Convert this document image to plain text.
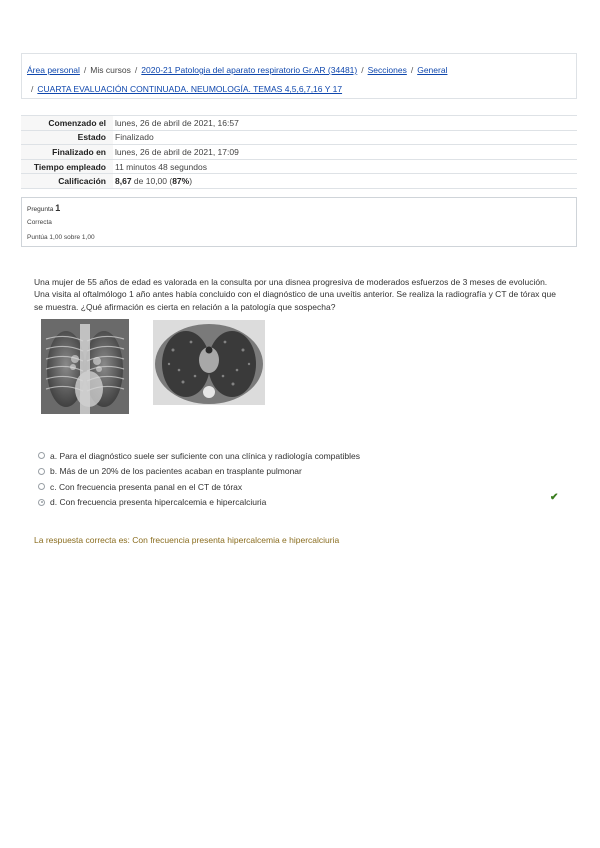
Área personal / Mis cursos / 2020-21 Patologia del aparato respiratorio Gr.AR (34481) / Secciones / General
/ CUARTA EVALUACIÓN CONTINUADA. NEUMOLOGÍA. TEMAS 4,5,6,7,16 Y 17
Comenzado el	lunes, 26 de abril de 2021, 16:57
Estado	Finalizado
Finalizado en	lunes, 26 de abril de 2021, 17:09
Tiempo empleado	11 minutos 48 segundos
Calificación	8,67 de 10,00 (87%)
Pregunta 1
Correcta
Puntúa 1,00 sobre 1,00
Una mujer de 55 años de edad es valorada en la consulta por una disnea progresiva de moderados esfuerzos de 3 meses de evolución. Una visita al oftalmólogo 1 año antes había concluido con el diagnóstico de una uveítis anterior. Se realiza la radiografía y CT de tórax que se muestra. ¿Qué afirmación es cierta en relación a la patología que sospecha?
a. Para el diagnóstico suele ser suficiente con una clínica y radiología compatibles
b. Más de un 20% de los pacientes acaban en trasplante pulmonar
c. Con frecuencia presenta panal en el CT de tórax
d. Con frecuencia presenta hipercalcemia e hipercalciuria	✔
La respuesta correcta es: Con frecuencia presenta hipercalcemia e hipercalciuria
